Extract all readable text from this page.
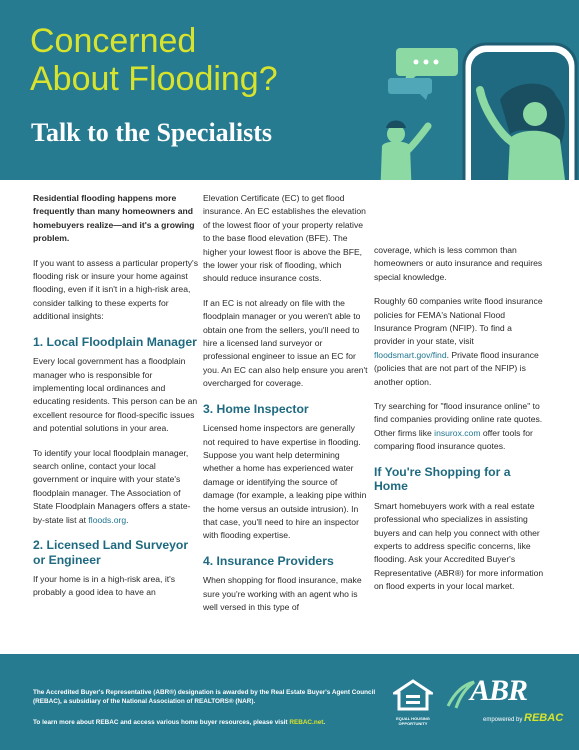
Concerned
About Flooding?
Talk to the Specialists

Residential flooding happens more frequently than many homeowners and homebuyers realize—and it's a growing problem.

If you want to assess a particular property's flooding risk or insure your home against flooding, even if it isn't in a high-risk area, consider talking to these experts for additional insights:

1. Local Floodplain Manager

Every local government has a floodplain manager who is responsible for implementing local ordinances and educating residents. This person can be an excellent resource for flood-specific issues and potential solutions in your area.

To identify your local floodplain manager, search online, contact your local government or inquire with your state's floodplain manager. The Association of State Floodplain Managers offers a state-by-state list at floods.org.

2. Licensed Land Surveyor or Engineer

If your home is in a high-risk area, it's probably a good idea to have an

Elevation Certificate (EC) to get flood insurance. An EC establishes the elevation of the lowest floor of your property relative to the base flood elevation (BFE). The higher your lowest floor is above the BFE, the lower your risk of flooding, which should reduce insurance costs.

If an EC is not already on file with the floodplain manager or you weren't able to obtain one from the sellers, you'll need to hire a licensed land surveyor or professional engineer to issue an EC for you. An EC can also help ensure you aren't overcharged for coverage.

3. Home Inspector

Licensed home inspectors are generally not required to have expertise in flooding. Suppose you want help determining whether a home has experienced water damage or identifying the source of damage (for example, a leaking pipe within the home versus an outside intrusion). In that case, you'll need to hire an inspector with flooding expertise.

4. Insurance Providers

When shopping for flood insurance, make sure you're working with an agent who is well versed in this type of

coverage, which is less common than homeowners or auto insurance and requires special knowledge.

Roughly 60 companies write flood insurance policies for FEMA's National Flood Insurance Program (NFIP). To find a provider in your state, visit floodsmart.gov/find. Private flood insurance (policies that are not part of the NFIP) is another option.

Try searching for "flood insurance online" to find companies providing online rate quotes. Other firms like insurox.com offer tools for comparing flood insurance quotes.

If You're Shopping for a Home

Smart homebuyers work with a real estate professional who specializes in assisting buyers and can help you connect with other experts to address specific concerns, like flooding. Ask your Accredited Buyer's Representative (ABR®) for more information on flood experts in your local market.

The Accredited Buyer's Representative (ABR®) designation is awarded by the Real Estate Buyer's Agent Council (REBAC), a subsidiary of the National Association of REALTORS® (NAR).
To learn more about REBAC and access various home buyer resources, please visit REBAC.net.
EQUAL HOUSING
OPPORTUNITY
ABR
empowered by REBAC
